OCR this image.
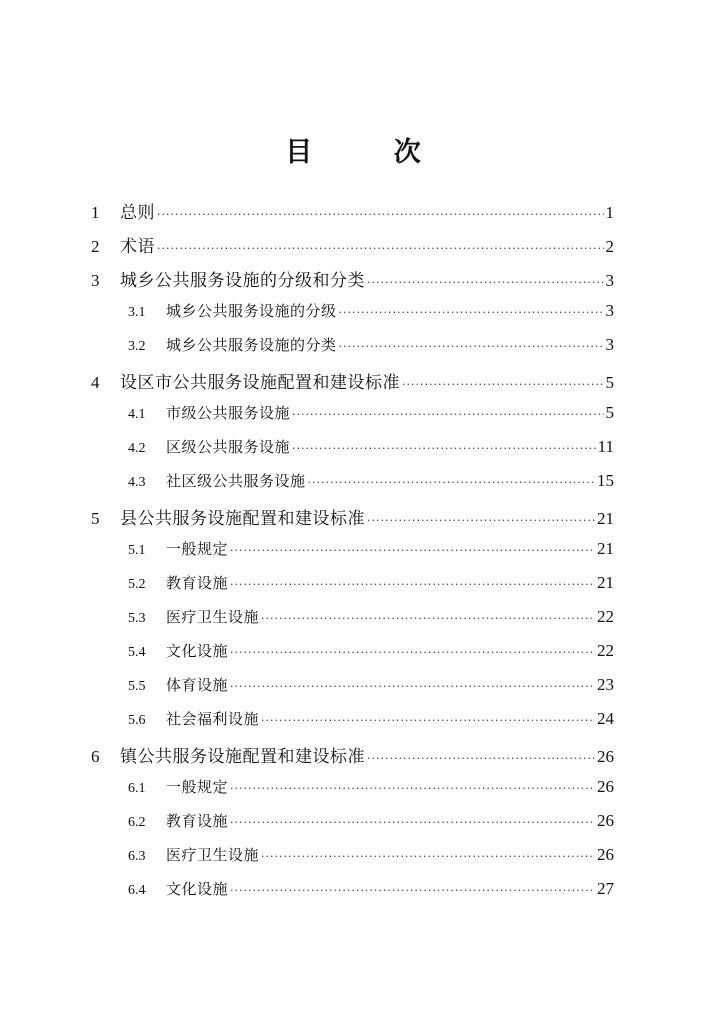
目 次
1	总则 ·····	1
2	术语 ·····	2
3	城乡公共服务设施的分级和分类 ·····	3
3.1	城乡公共服务设施的分级 ·····	3
3.2	城乡公共服务设施的分类 ·····	3
4	设区市公共服务设施配置和建设标准 ·····	5
4.1	市级公共服务设施 ·····	5
4.2	区级公共服务设施 ·····	11
4.3	社区级公共服务设施 ·····	15
5	县公共服务设施配置和建设标准 ·····	21
5.1	一般规定 ·····	21
5.2	教育设施 ·····	21
5.3	医疗卫生设施 ·····	22
5.4	文化设施 ·····	22
5.5	体育设施 ·····	23
5.6	社会福利设施 ·····	24
6	镇公共服务设施配置和建设标准 ·····	26
6.1	一般规定 ·····	26
6.2	教育设施 ·····	26
6.3	医疗卫生设施 ·····	26
6.4	文化设施 ·····	27
